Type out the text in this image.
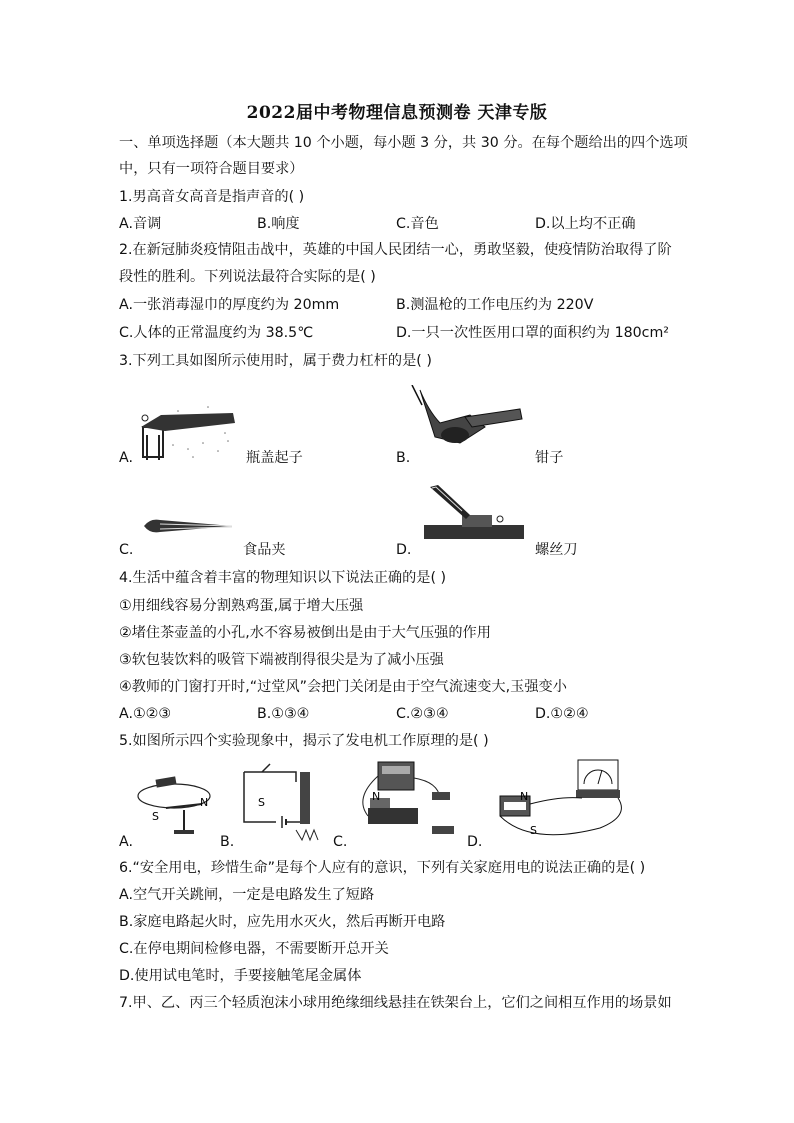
2022届中考物理信息预测卷 天津专版
一、单项选择题（本大题共 10 个小题，每小题 3 分，共 30 分。在每个题给出的四个选项
中，只有一项符合题目要求）
1.男高音女高音是指声音的( )
A.音调	B.响度	C.音色	D.以上均不正确
2.在新冠肺炎疫情阻击战中，英雄的中国人民团结一心，勇敢坚毅，使疫情防治取得了阶
段性的胜利。下列说法最符合实际的是( )
A.一张消毒湿巾的厚度约为 20mm	B.测温枪的工作电压约为 220V
C.人体的正常温度约为 38.5℃	D.一只一次性医用口罩的面积约为 180cm²
3.下列工具如图所示使用时，属于费力杠杆的是( )
A.	瓶盖起子	B.	钳子
C.	食品夹	D.	螺丝刀
4.生活中蕴含着丰富的物理知识以下说法正确的是( )
①用细线容易分割熟鸡蛋,属于增大压强
②堵住茶壶盖的小孔,水不容易被倒出是由于大气压强的作用
③软包装饮料的吸管下端被削得很尖是为了减小压强
④教师的门窗打开时,“过堂风”会把门关闭是由于空气流速变大,玉强变小
A.①②③	B.①③④	C.②③④	D.①②④
5.如图所示四个实验现象中，揭示了发电机工作原理的是( )
S
N
A.
S
B.
N
C.
N
S
D.
6.“安全用电，珍惜生命”是每个人应有的意识，下列有关家庭用电的说法正确的是( )
A.空气开关跳闸，一定是电路发生了短路
B.家庭电路起火时，应先用水灭火，然后再断开电路
C.在停电期间检修电器，不需要断开总开关
D.使用试电笔时，手要接触笔尾金属体
7.甲、乙、丙三个轻质泡沫小球用绝缘细线悬挂在铁架台上，它们之间相互作用的场景如
